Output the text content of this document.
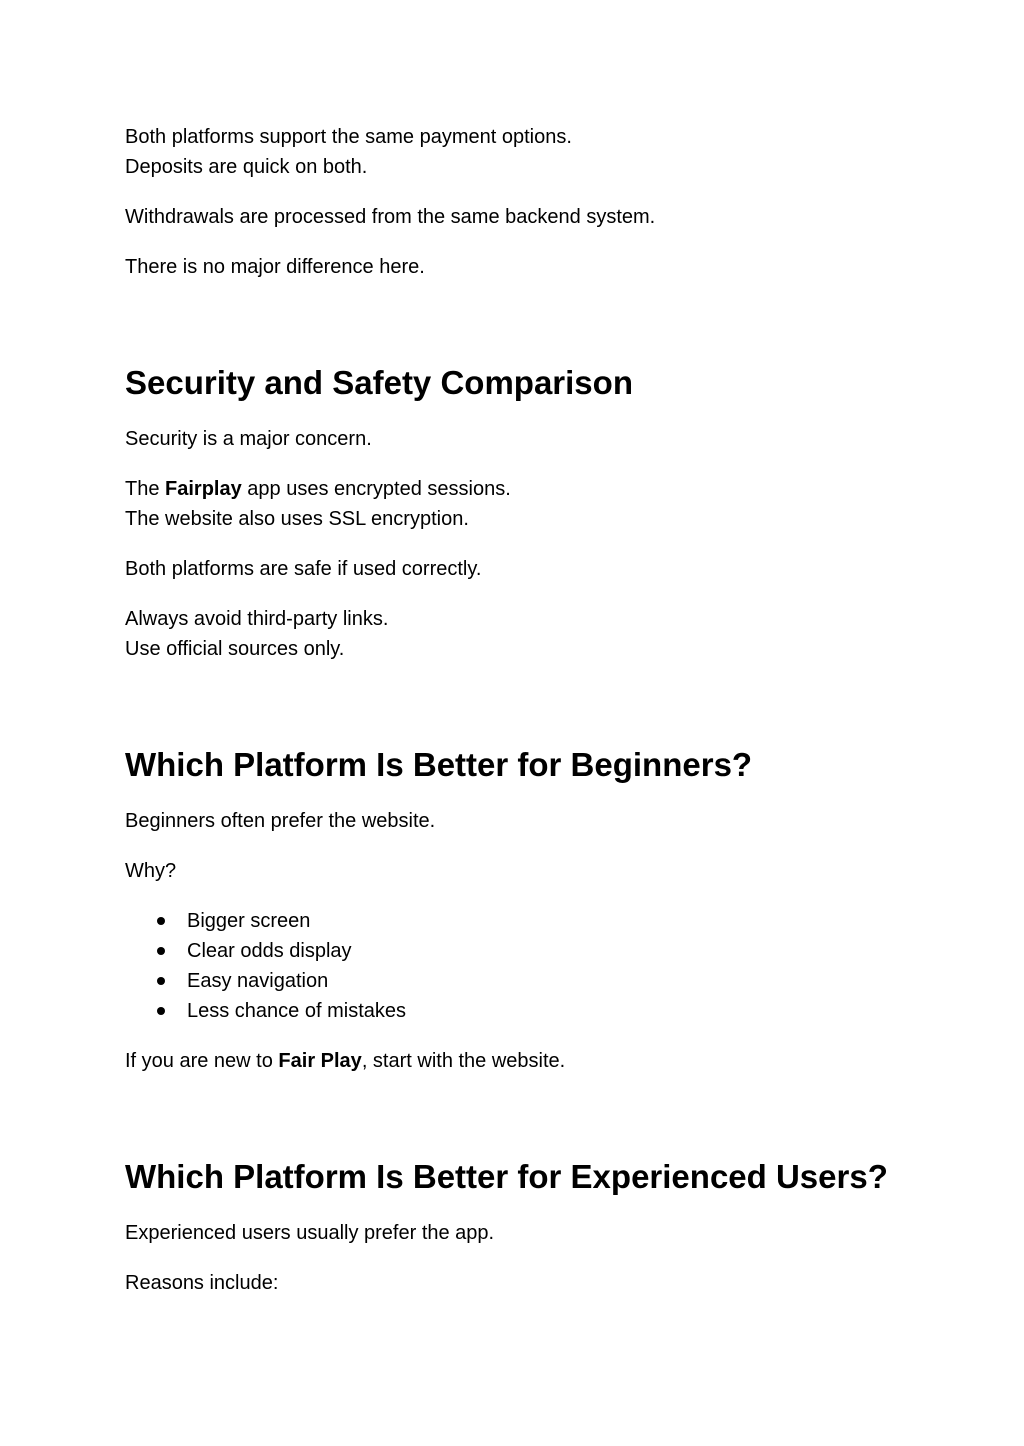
Both platforms support the same payment options.
Deposits are quick on both.

Withdrawals are processed from the same backend system.

There is no major difference here.

Security and Safety Comparison

Security is a major concern.

The Fairplay app uses encrypted sessions.
The website also uses SSL encryption.

Both platforms are safe if used correctly.

Always avoid third-party links.
Use official sources only.

Which Platform Is Better for Beginners?

Beginners often prefer the website.

Why?

Bigger screen
Clear odds display
Easy navigation
Less chance of mistakes

If you are new to Fair Play, start with the website.

Which Platform Is Better for Experienced Users?

Experienced users usually prefer the app.

Reasons include:
